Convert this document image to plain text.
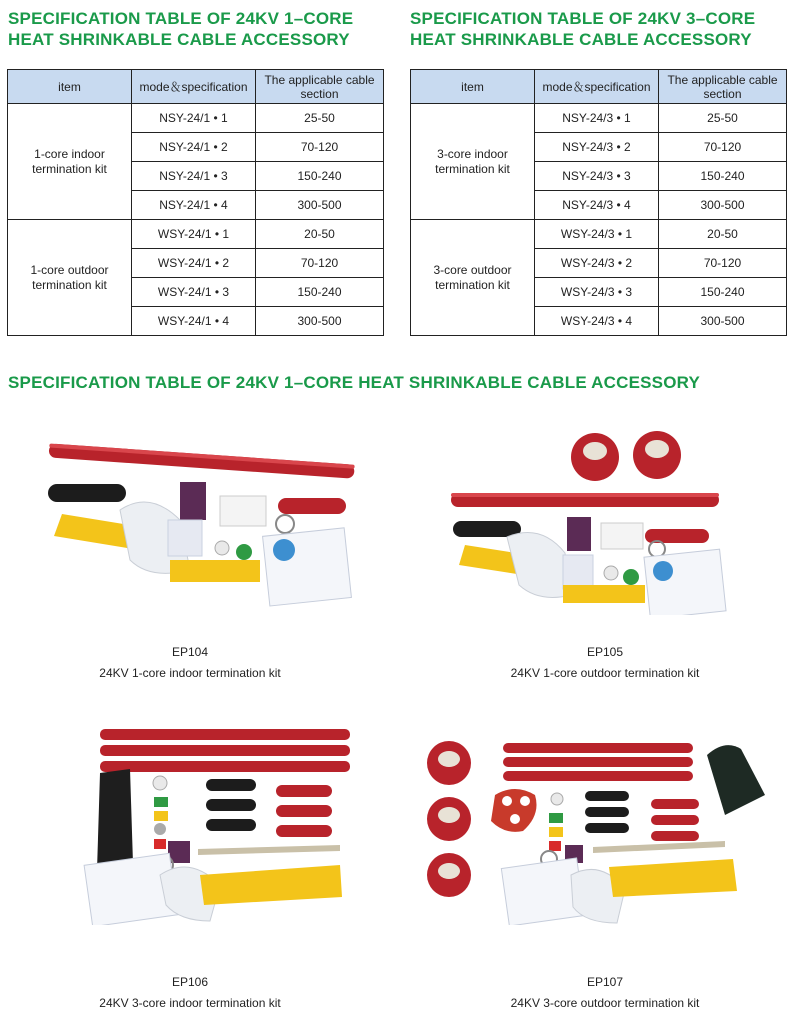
SPECIFICATION TABLE OF 24KV 1–CORE HEAT SHRINKABLE CABLE ACCESSORY
SPECIFICATION TABLE OF 24KV 3–CORE HEAT SHRINKABLE CABLE ACCESSORY
item	mode＆specification	The applicable cable section
1-core indoor termination kit	NSY-24/1 • 1	25-50
	NSY-24/1 • 2	70-120
	NSY-24/1 • 3	150-240
	NSY-24/1 • 4	300-500
1-core outdoor termination kit	WSY-24/1 • 1	20-50
	WSY-24/1 • 2	70-120
	WSY-24/1 • 3	150-240
	WSY-24/1 • 4	300-500
item	mode＆specification	The applicable cable section
3-core indoor termination kit	NSY-24/3 • 1	25-50
	NSY-24/3 • 2	70-120
	NSY-24/3 • 3	150-240
	NSY-24/3 • 4	300-500
3-core outdoor termination kit	WSY-24/3 • 1	20-50
	WSY-24/3 • 2	70-120
	WSY-24/3 • 3	150-240
	WSY-24/3 • 4	300-500
SPECIFICATION TABLE OF 24KV 1–CORE HEAT SHRINKABLE CABLE ACCESSORY
EP104
24KV 1-core indoor termination kit
EP105
24KV 1-core outdoor termination kit
EP106
24KV 3-core indoor termination kit
EP107
24KV 3-core outdoor termination kit
